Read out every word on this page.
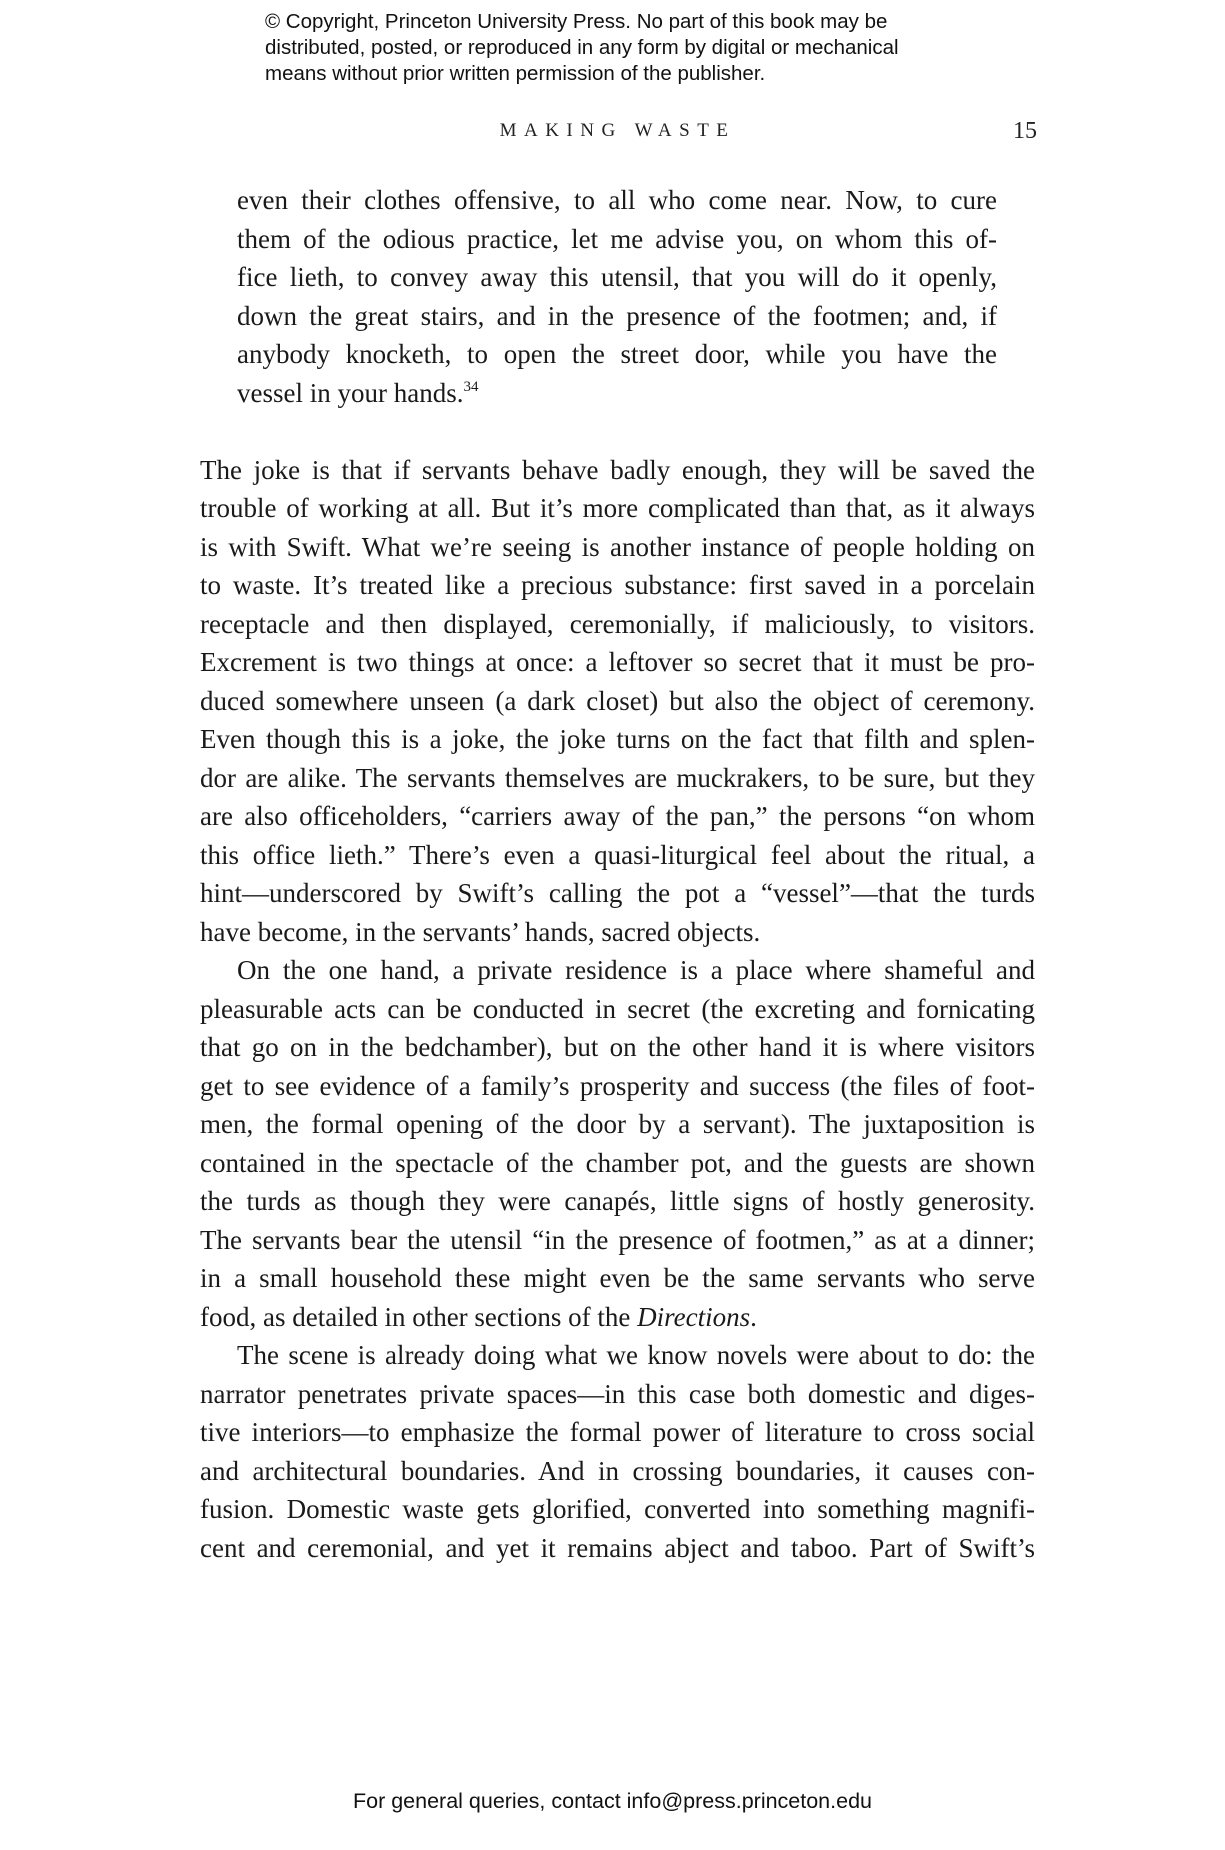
© Copyright, Princeton University Press. No part of this book may be
distributed, posted, or reproduced in any form by digital or mechanical
means without prior written permission of the publisher.
MAKING WASTE	15
even their clothes offensive, to all who come near. Now, to cure
them of the odious practice, let me advise you, on whom this of-
fice lieth, to convey away this utensil, that you will do it openly,
down the great stairs, and in the presence of the footmen; and, if
anybody knocketh, to open the street door, while you have the
vessel in your hands.$^{34}$
The joke is that if servants behave badly enough, they will be saved the
trouble of working at all. But it’s more complicated than that, as it always
is with Swift. What we’re seeing is another instance of people holding on
to waste. It’s treated like a precious substance: first saved in a porcelain
receptacle and then displayed, ceremonially, if maliciously, to visitors.
Excrement is two things at once: a leftover so secret that it must be pro-
duced somewhere unseen (a dark closet) but also the object of ceremony.
Even though this is a joke, the joke turns on the fact that filth and splen-
dor are alike. The servants themselves are muckrakers, to be sure, but they
are also officeholders, “carriers away of the pan,” the persons “on whom
this office lieth.” There’s even a quasi-liturgical feel about the ritual, a
hint—underscored by Swift’s calling the pot a “vessel”—that the turds
have become, in the servants’ hands, sacred objects.
On the one hand, a private residence is a place where shameful and
pleasurable acts can be conducted in secret (the excreting and fornicating
that go on in the bedchamber), but on the other hand it is where visitors
get to see evidence of a family’s prosperity and success (the files of foot-
men, the formal opening of the door by a servant). The juxtaposition is
contained in the spectacle of the chamber pot, and the guests are shown
the turds as though they were canapés, little signs of hostly generosity.
The servants bear the utensil “in the presence of footmen,” as at a dinner;
in a small household these might even be the same servants who serve
food, as detailed in other sections of the Directions.
The scene is already doing what we know novels were about to do: the
narrator penetrates private spaces—in this case both domestic and diges-
tive interiors—to emphasize the formal power of literature to cross social
and architectural boundaries. And in crossing boundaries, it causes con-
fusion. Domestic waste gets glorified, converted into something magnifi-
cent and ceremonial, and yet it remains abject and taboo. Part of Swift’s
For general queries, contact info@press.princeton.edu
